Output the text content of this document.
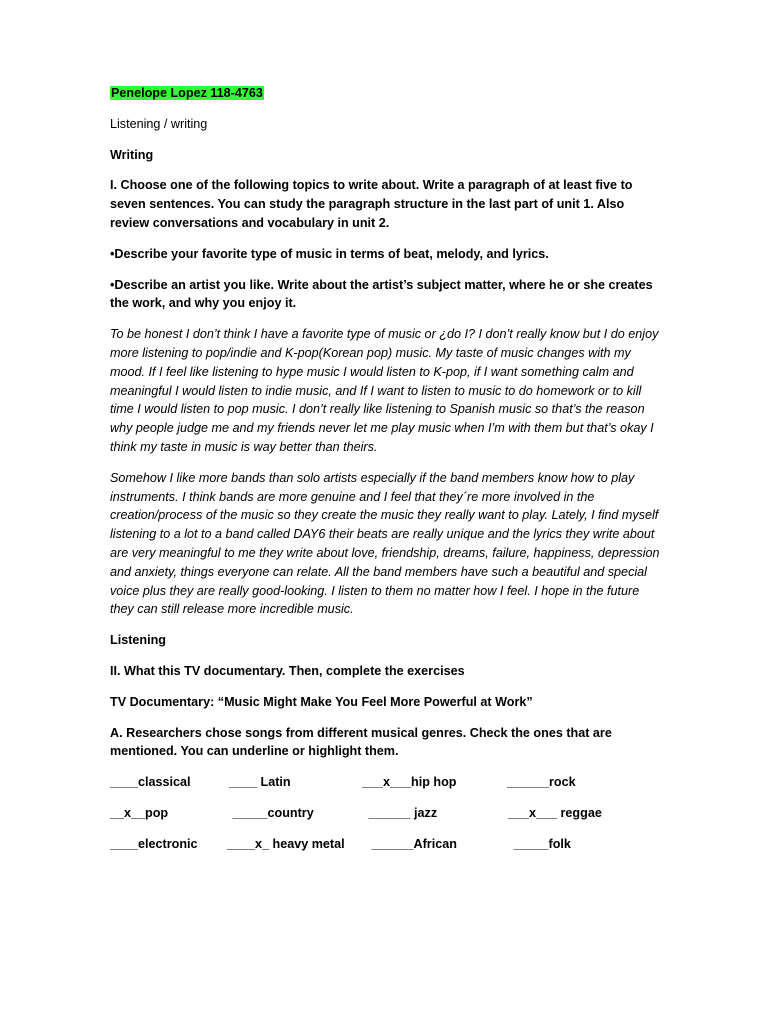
Penelope Lopez 118-4763
Listening / writing
Writing
I. Choose one of the following topics to write about. Write a paragraph of at least five to seven sentences. You can study the paragraph structure in the last part of unit 1. Also review conversations and vocabulary in unit 2.
•Describe your favorite type of music in terms of beat, melody, and lyrics.
•Describe an artist you like. Write about the artist’s subject matter, where he or she creates the work, and why you enjoy it.
To be honest I don’t think I have a favorite type of music or ¿do I? I don’t really know but I do enjoy more listening to pop/indie and K-pop(Korean pop) music. My taste of music changes with my mood. If I feel like listening to hype music I would listen to K-pop, if I want something calm and meaningful I would listen to indie music, and If I want to listen to music to do homework or to kill time I would listen to pop music. I don’t really like listening to Spanish music so that’s the reason why people judge me and my friends never let me play music when I’m with them but that’s okay I think my taste in music is way better than theirs.
Somehow I like more bands than solo artists especially if the band members know how to play instruments. I think bands are more genuine and I feel that they´re more involved in the creation/process of the music so they create the music they really want to play. Lately, I find myself listening to a lot to a band called DAY6 their beats are really unique and the lyrics they write about are very meaningful to me they write about love, friendship, dreams, failure, happiness, depression and anxiety, things everyone can relate. All the band members have such a beautiful and special voice plus they are really good-looking. I listen to them no matter how I feel. I hope in the future they can still release more incredible music.
Listening
II. What this TV documentary. Then, complete the exercises
TV Documentary: “Music Might Make You Feel More Powerful at Work”
A. Researchers chose songs from different musical genres. Check the ones that are mentioned. You can underline or highlight them.
____classical	____ Latin	___x___hip hop	______rock
__x__pop	_____country	______ jazz	___x___ reggae
____electronic ____x_ heavy metal ______African	_____folk
